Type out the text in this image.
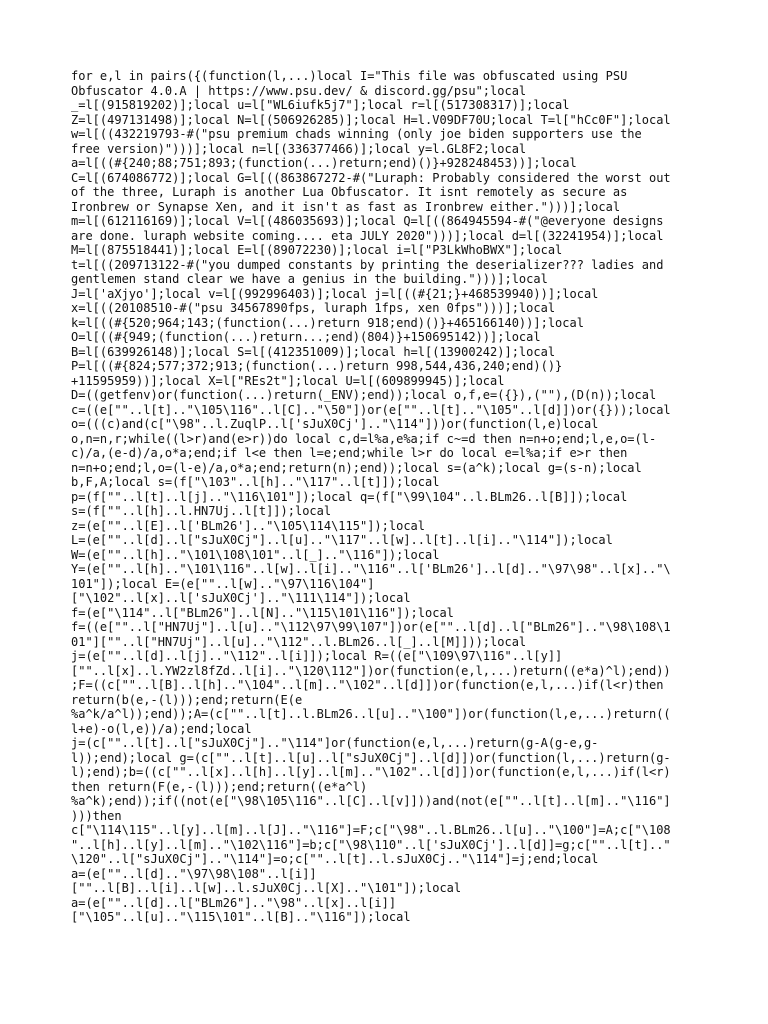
for e,l in pairs({(function(l,...)local I="This file was obfuscated using PSU
Obfuscator 4.0.A | https://www.psu.dev/ & discord.gg/psu";local
_=l[(915819202)];local u=l["WL6iufk5j7"];local r=l[(517308317)];local
Z=l[(497131498)];local N=l[(506926285)];local H=l.V09DF70U;local T=l["hCc0F"];local
w=l[((432219793-#("psu premium chads winning (only joe biden supporters use the
free version)")))];local n=l[(336377466)];local y=l.GL8F2;local
a=l[((#{240;88;751;893;(function(...)return;end)()}+928248453))];local
C=l[(674086772)];local G=l[((863867272-#("Luraph: Probably considered the worst out
of the three, Luraph is another Lua Obfuscator. It isnt remotely as secure as
Ironbrew or Synapse Xen, and it isn't as fast as Ironbrew either.")))];local
m=l[(612116169)];local V=l[(486035693)];local Q=l[((864945594-#("@everyone designs
are done. luraph website coming.... eta JULY 2020")))];local d=l[(32241954)];local
M=l[(875518441)];local E=l[(89072230)];local i=l["P3LkWhoBWX"];local
t=l[((209713122-#("you dumped constants by printing the deserializer??? ladies and
gentlemen stand clear we have a genius in the building.")))];local
J=l['aXjyo'];local v=l[(992996403)];local j=l[((#{21;}+468539940))];local
x=l[((20108510-#("psu 34567890fps, luraph 1fps, xen 0fps")))];local
k=l[((#{520;964;143;(function(...)return 918;end)()}+465166140))];local
O=l[((#{949;(function(...)return...;end)(804)}+150695142))];local
B=l[(639926148)];local S=l[(412351009)];local h=l[(13900242)];local
P=l[((#{824;577;372;913;(function(...)return 998,544,436,240;end)()}
+11595959))];local X=l["REs2t"];local U=l[(609899945)];local
D=((getfenv)or(function(...)return(_ENV);end));local o,f,e=({}),(""),(D(n));local
c=((e[""..l[t].."\105\116"..l[C].."\50"])or(e[""..l[t].."\105"..l[d]])or({}));local
o=(((c)and(c["\98"..l.ZuqlP..l['sJuX0Cj'].."\114"]))or(function(l,e)local
o,n=n,r;while((l>r)and(e>r))do local c,d=l%a,e%a;if c~=d then n=n+o;end;l,e,o=(l-
c)/a,(e-d)/a,o*a;end;if l<e then l=e;end;while l>r do local e=l%a;if e>r then
n=n+o;end;l,o=(l-e)/a,o*a;end;return(n);end));local s=(a^k);local g=(s-n);local
b,F,A;local s=(f["\103"..l[h].."\117"..l[t]]);local
p=(f[""..l[t]..l[j].."\116\101"]);local q=(f["\99\104"..l.BLm26..l[B]]);local
s=(f[""..l[h]..l.HN7Uj..l[t]]);local
z=(e[""..l[E]..l['BLm26'].."\105\114\115"]);local
L=(e[""..l[d]..l["sJuX0Cj"]..l[u].."\117"..l[w]..l[t]..l[i].."\114"]);local
W=(e[""..l[h].."\101\108\101"..l[_].."\116"]);local
Y=(e[""..l[h].."\101\116"..l[w]..l[i].."\116"..l['BLm26']..l[d].."\97\98"..l[x].."\
101"]);local E=(e[""..l[w].."\97\116\104"]
["\102"..l[x]..l['sJuX0Cj'].."\111\114"]);local
f=(e["\114"..l["BLm26"]..l[N].."\115\101\116"]);local
f=((e[""..l["HN7Uj"]..l[u].."\112\97\99\107"])or(e[""..l[d]..l["BLm26"].."\98\108\1
01"][""..l["HN7Uj"]..l[u].."\112"..l.BLm26..l[_]..l[M]]));local
j=(e[""..l[d]..l[j].."\112"..l[i]]);local R=((e["\109\97\116"..l[y]]
[""..l[x]..l.YW2zl8fZd..l[i].."\120\112"])or(function(e,l,...)return((e*a)^l);end))
;F=((c[""..l[B]..l[h].."\104"..l[m].."\102"..l[d]])or(function(e,l,...)if(l<r)then
return(b(e,-(l)));end;return(E(e
%a^k/a^l));end));A=(c[""..l[t]..l.BLm26..l[u].."\100"])or(function(l,e,...)return((
l+e)-o(l,e))/a);end;local
j=(c[""..l[t]..l["sJuX0Cj"].."\114"]or(function(e,l,...)return(g-A(g-e,g-
l));end);local g=(c[""..l[t]..l[u]..l["sJuX0Cj"]..l[d]])or(function(l,...)return(g-
l);end);b=((c[""..l[x]..l[h]..l[y]..l[m].."\102"..l[d]])or(function(e,l,...)if(l<r)
then return(F(e,-(l)));end;return((e*a^l)
%a^k);end));if((not(e["\98\105\116"..l[C]..l[v]]))and(not(e[""..l[t]..l[m].."\116"]
)))then
c["\114\115"..l[y]..l[m]..l[J].."\116"]=F;c["\98"..l.BLm26..l[u].."\100"]=A;c["\108
"..l[h]..l[y]..l[m].."\102\116"]=b;c["\98\110"..l['sJuX0Cj']..l[d]]=g;c[""..l[t].."
\120"..l["sJuX0Cj"].."\114"]=o;c[""..l[t]..l.sJuX0Cj.."\114"]=j;end;local
a=(e[""..l[d].."\97\98\108"..l[i]]
[""..l[B]..l[i]..l[w]..l.sJuX0Cj..l[X].."\101"]);local
a=(e[""..l[d]..l["BLm26"].."\98"..l[x]..l[i]]
["\105"..l[u].."\115\101"..l[B].."\116"]);local
